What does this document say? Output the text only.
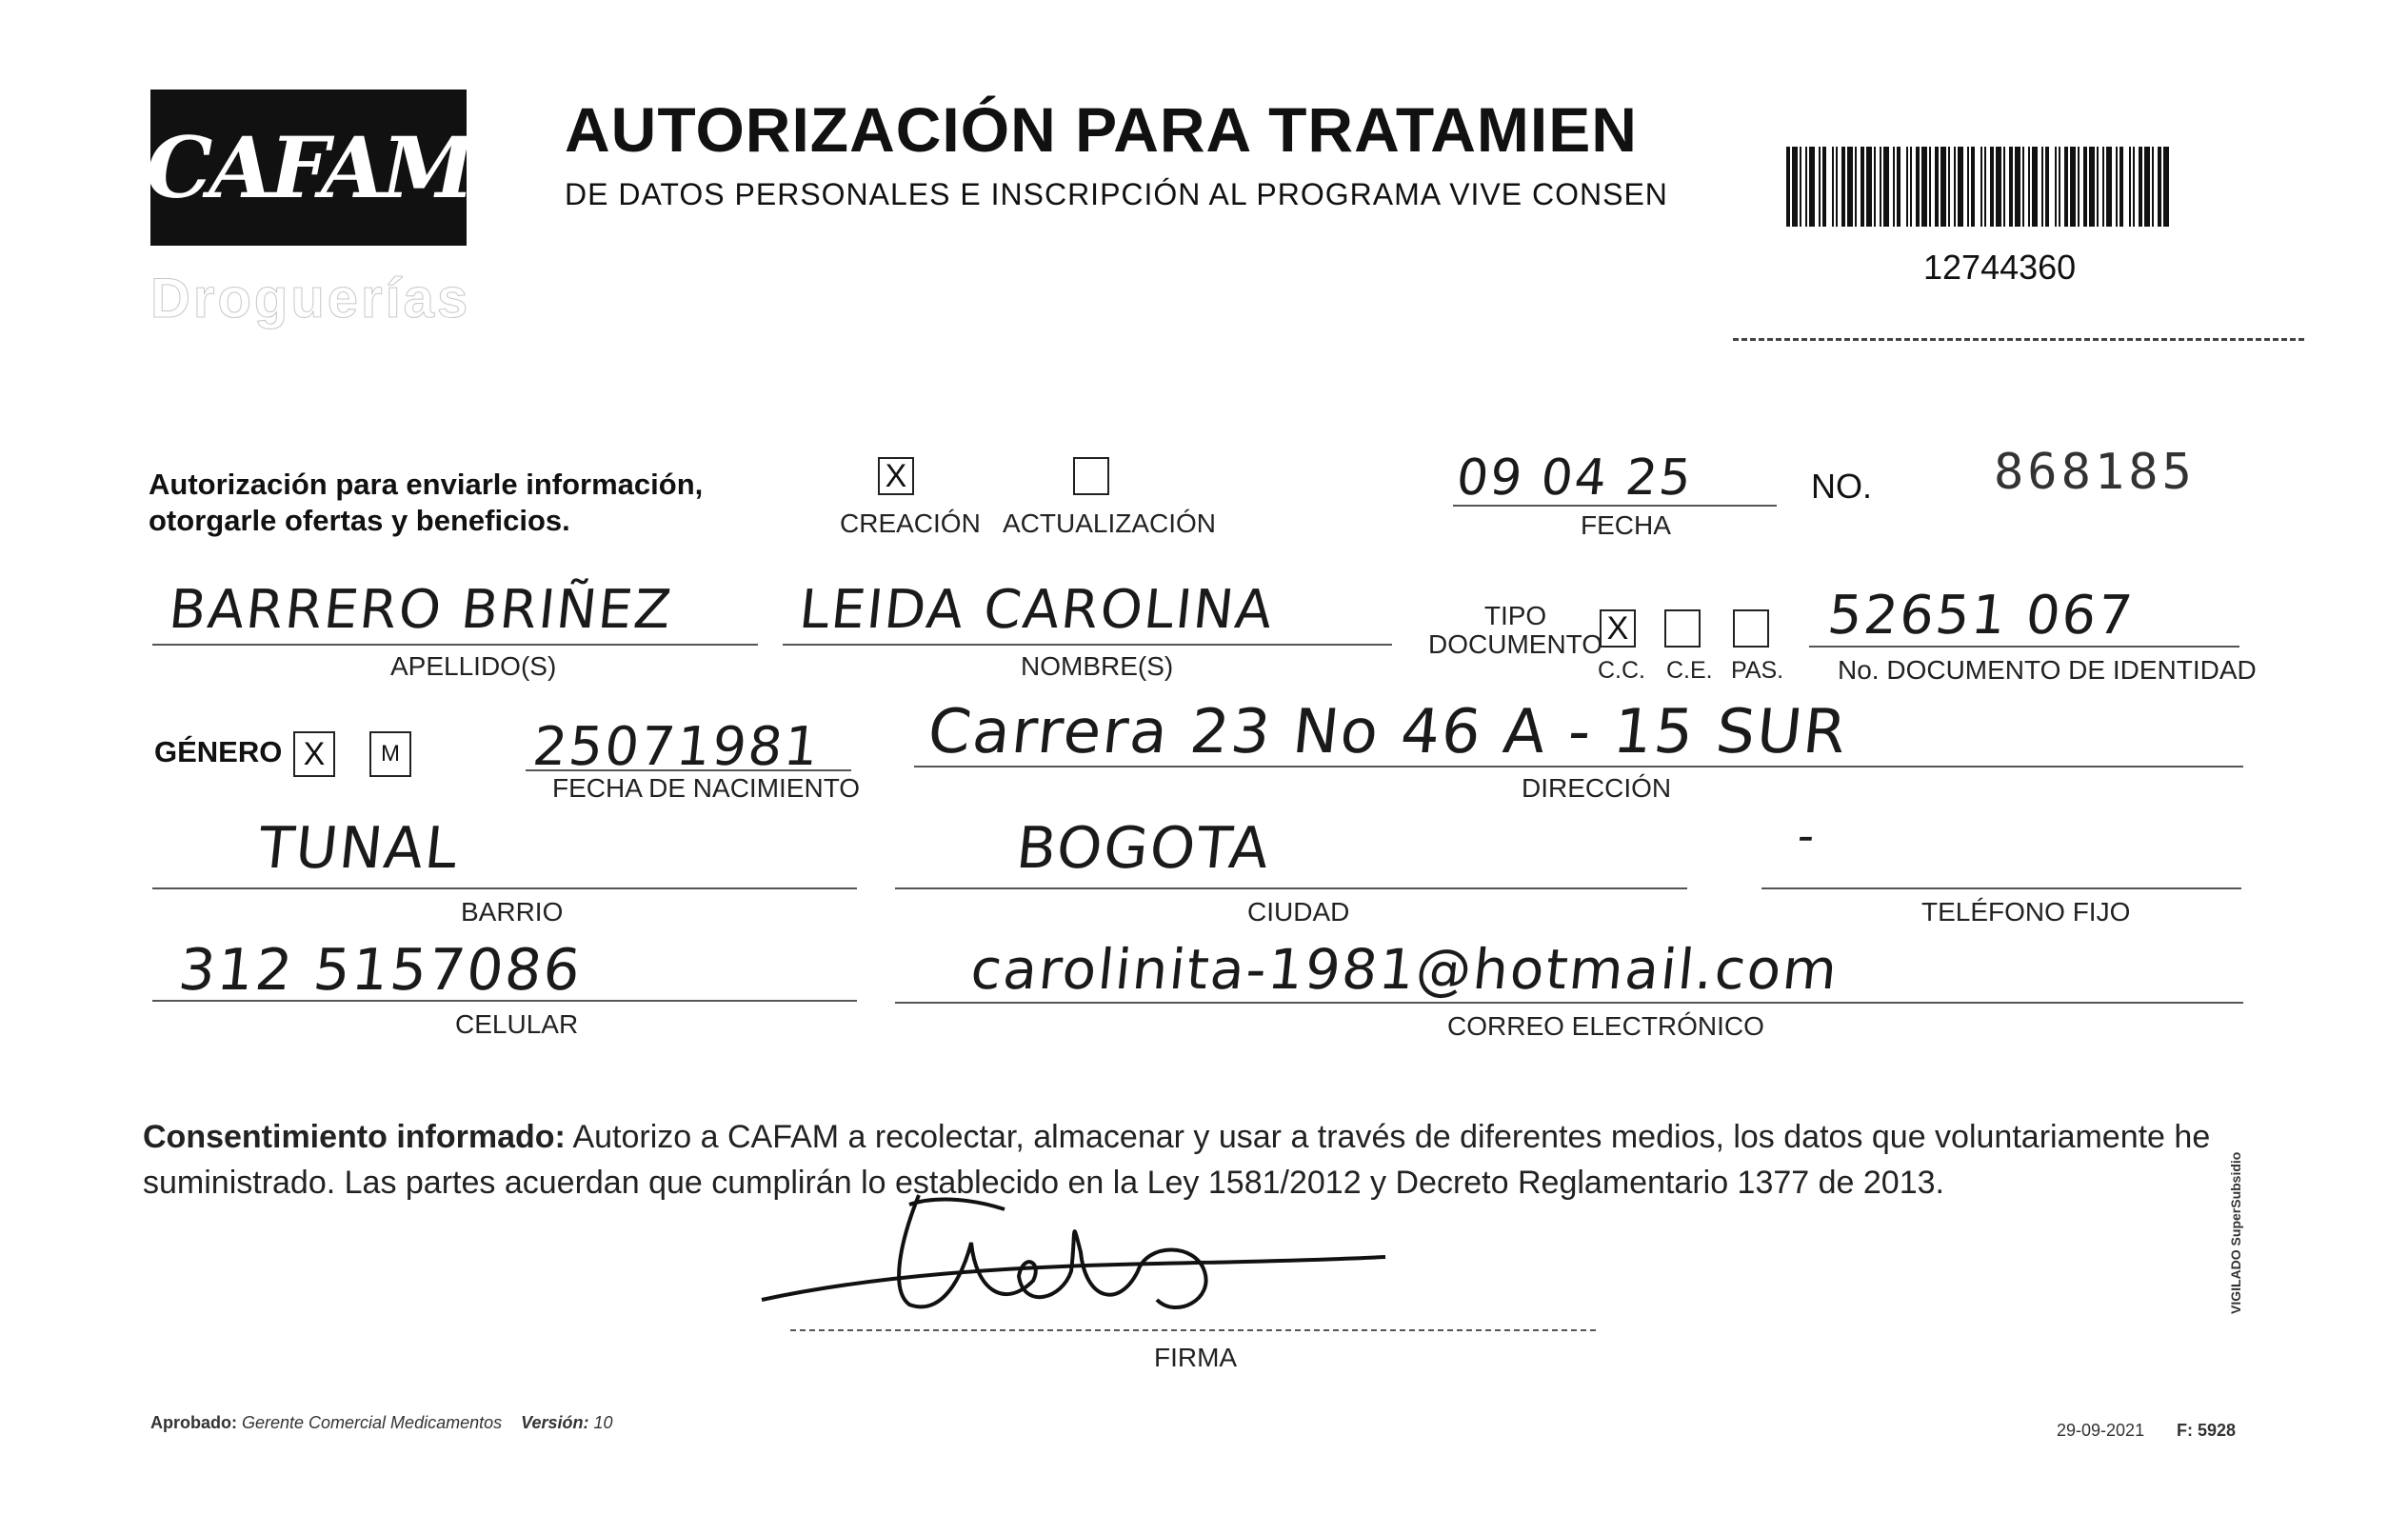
CAFAM
Droguerías
AUTORIZACIÓN PARA TRATAMIEN
DE DATOS PERSONALES E INSCRIPCIÓN AL PROGRAMA VIVE CONSEN
12744360
Autorización para enviarle información,
otorgarle ofertas y beneficios.
X
CREACIÓN ACTUALIZACIÓN
09 04 25
FECHA
NO. 868185
BARRERO BRIÑEZ
APELLIDO(S)
LEIDA CAROLINA
NOMBRE(S)
TIPO
DOCUMENTO X
C.C. C.E. PAS.
52651 067
No. DOCUMENTO DE IDENTIDAD
GÉNERO X M 25071981
FECHA DE NACIMIENTO
Carrera 23 No 46 A - 15 SUR
DIRECCIÓN
TUNAL
BARRIO
BOGOTA
CIUDAD
-
TELÉFONO FIJO
312 5157086
CELULAR
carolinita-1981@hotmail.com
CORREO ELECTRÓNICO
Consentimiento informado: Autorizo a CAFAM a recolectar, almacenar y usar a través de diferentes medios, los datos que voluntariamente he suministrado. Las partes acuerdan que cumplirán lo establecido en la Ley 1581/2012 y Decreto Reglamentario 1377 de 2013.
FIRMA
Aprobado: Gerente Comercial Medicamentos Versión: 10	29-09-2021 F: 5928
VIGILADO SuperSubsidio
